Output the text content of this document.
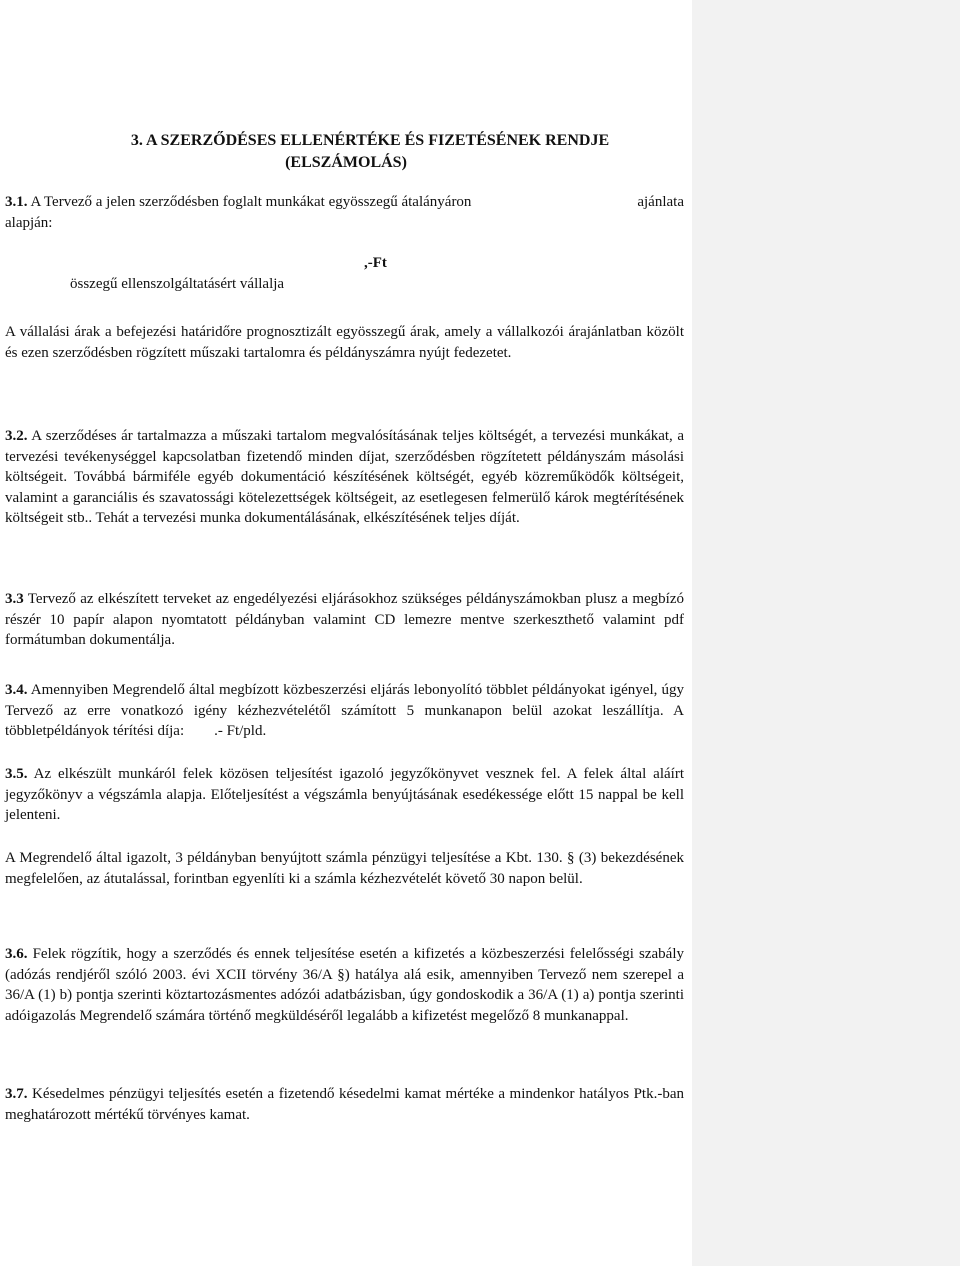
3. A SZERZŐDÉSES ELLENÉRTÉKE ÉS FIZETÉSÉNEK RENDJE
(ELSZÁMOLÁS)
3.1. A Tervező a jelen szerződésben foglalt munkákat egyösszegű átalányáron	ajánlata
alapján:
,-Ft
összegű ellenszolgáltatásért vállalja

A vállalási árak a befejezési határidőre prognosztizált egyösszegű árak, amely a vállalkozói árajánlatban közölt és ezen szerződésben rögzített műszaki tartalomra és példányszámra nyújt fedezetet.

3.2. A szerződéses ár tartalmazza a műszaki tartalom megvalósításának teljes költségét, a tervezési munkákat, a tervezési tevékenységgel kapcsolatban fizetendő minden díjat, szerződésben rögzítetett példányszám másolási költségeit. Továbbá bármiféle egyéb dokumentáció készítésének költségét, egyéb közreműködők költségeit, valamint a garanciális és szavatossági kötelezettségek költségeit, az esetlegesen felmerülő károk megtérítésének költségeit stb.. Tehát a tervezési munka dokumentálásának, elkészítésének teljes díját.

3.3 Tervező az elkészített terveket az engedélyezési eljárásokhoz szükséges példányszámokban plusz a megbízó részér 10 papír alapon nyomtatott példányban valamint CD lemezre mentve szerkeszthető valamint pdf formátumban dokumentálja.

3.4. Amennyiben Megrendelő által megbízott közbeszerzési eljárás lebonyolító többlet példányokat igényel, úgy Tervező az erre vonatkozó igény kézhezvételétől számított 5 munkanapon belül azokat leszállítja. A többletpéldányok térítési díja: .- Ft/pld.

3.5. Az elkészült munkáról felek közösen teljesítést igazoló jegyzőkönyvet vesznek fel. A felek által aláírt jegyzőkönyv a végszámla alapja. Előteljesítést a végszámla benyújtásának esedékessége előtt 15 nappal be kell jelenteni.

A Megrendelő által igazolt, 3 példányban benyújtott számla pénzügyi teljesítése a Kbt. 130. § (3) bekezdésének megfelelően, az átutalással, forintban egyenlíti ki a számla kézhezvételét követő 30 napon belül.

3.6. Felek rögzítik, hogy a szerződés és ennek teljesítése esetén a kifizetés a közbeszerzési felelősségi szabály (adózás rendjéről szóló 2003. évi XCII törvény 36/A §) hatálya alá esik, amennyiben Tervező nem szerepel a 36/A (1) b) pontja szerinti köztartozásmentes adózói adatbázisban, úgy gondoskodik a 36/A (1) a) pontja szerinti adóigazolás Megrendelő számára történő megküldéséről legalább a kifizetést megelőző 8 munkanappal.

3.7. Késedelmes pénzügyi teljesítés esetén a fizetendő késedelmi kamat mértéke a mindenkor hatályos Ptk.-ban meghatározott mértékű törvényes kamat.
